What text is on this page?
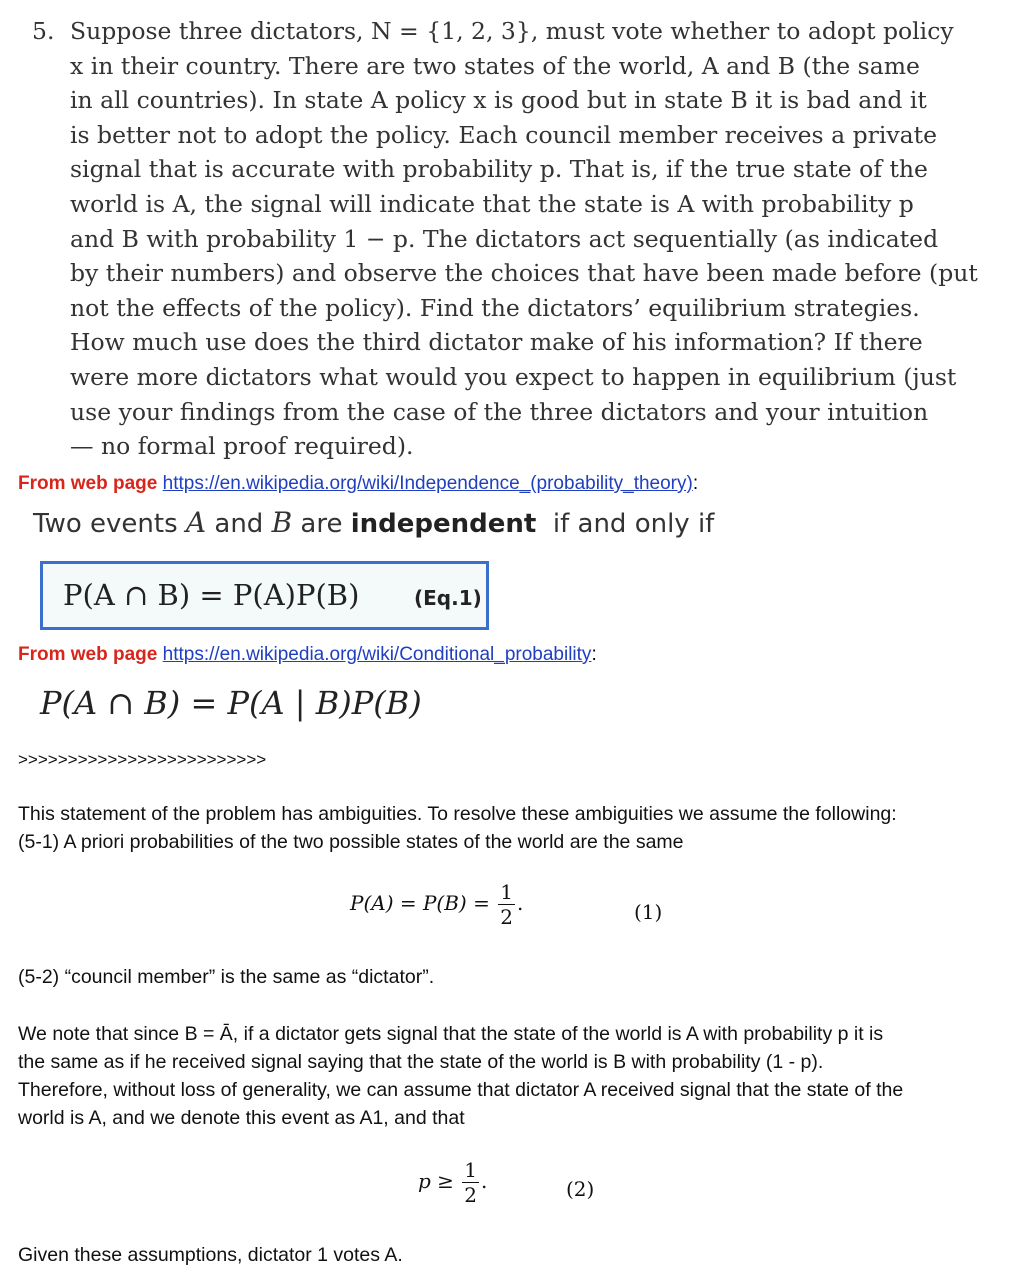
5. Suppose three dictators, N = {1, 2, 3}, must vote whether to adopt policy
x in their country. There are two states of the world, A and B (the same
in all countries). In state A policy x is good but in state B it is bad and it
is better not to adopt the policy. Each council member receives a private
signal that is accurate with probability p. That is, if the true state of the
world is A, the signal will indicate that the state is A with probability p
and B with probability 1 − p. The dictators act sequentially (as indicated
by their numbers) and observe the choices that have been made before (put
not the effects of the policy). Find the dictators’ equilibrium strategies.
How much use does the third dictator make of his information? If there
were more dictators what would you expect to happen in equilibrium (just
use your findings from the case of the three dictators and your intuition
— no formal proof required).
From web page https://en.wikipedia.org/wiki/Independence_(probability_theory):
Two events A and B are independent if and only if
P(A ∩ B) = P(A)P(B)	(Eq.1)
From web page https://en.wikipedia.org/wiki/Conditional_probability:
P(A ∩ B) = P(A | B)P(B)
>>>>>>>>>>>>>>>>>>>>>>>>>
This statement of the problem has ambiguities. To resolve these ambiguities we assume the following:
(5-1) A priori probabilities of the two possible states of the world are the same
$P(A) = P(B) = \frac{1}{2}$ .	(1)
(5-2) “council member” is the same as “dictator”.
We note that since B = Ā, if a dictator gets signal that the state of the world is A with probability p it is
the same as if he received signal saying that the state of the world is B with probability (1 - p).
Therefore, without loss of generality, we can assume that dictator A received signal that the state of the
world is A, and we denote this event as A1, and that
$p \ge \frac{1}{2}$ .	(2)
Given these assumptions, dictator 1 votes A.
